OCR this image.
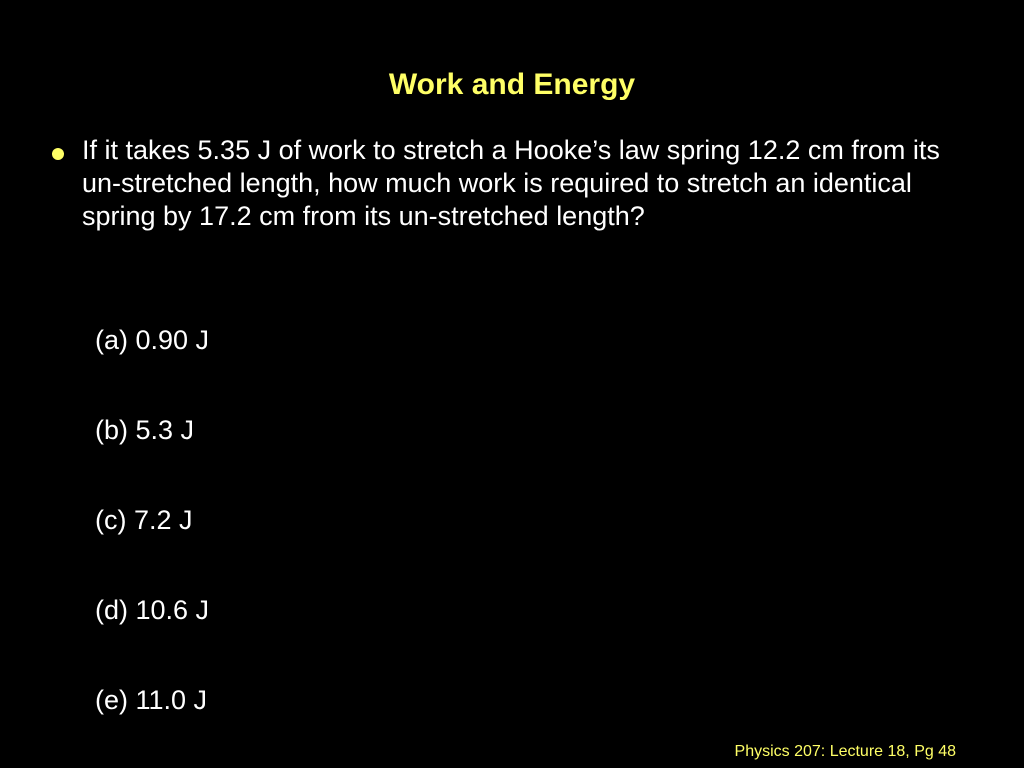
Work and Energy
If it takes 5.35 J of work to stretch a Hooke’s law spring 12.2 cm from its un-stretched length, how much work is required to stretch an identical spring by 17.2 cm from its un-stretched length?
(a) 0.90 J
(b) 5.3 J
(c) 7.2 J
(d) 10.6 J
(e) 11.0 J
Physics 207: Lecture 18, Pg 48
